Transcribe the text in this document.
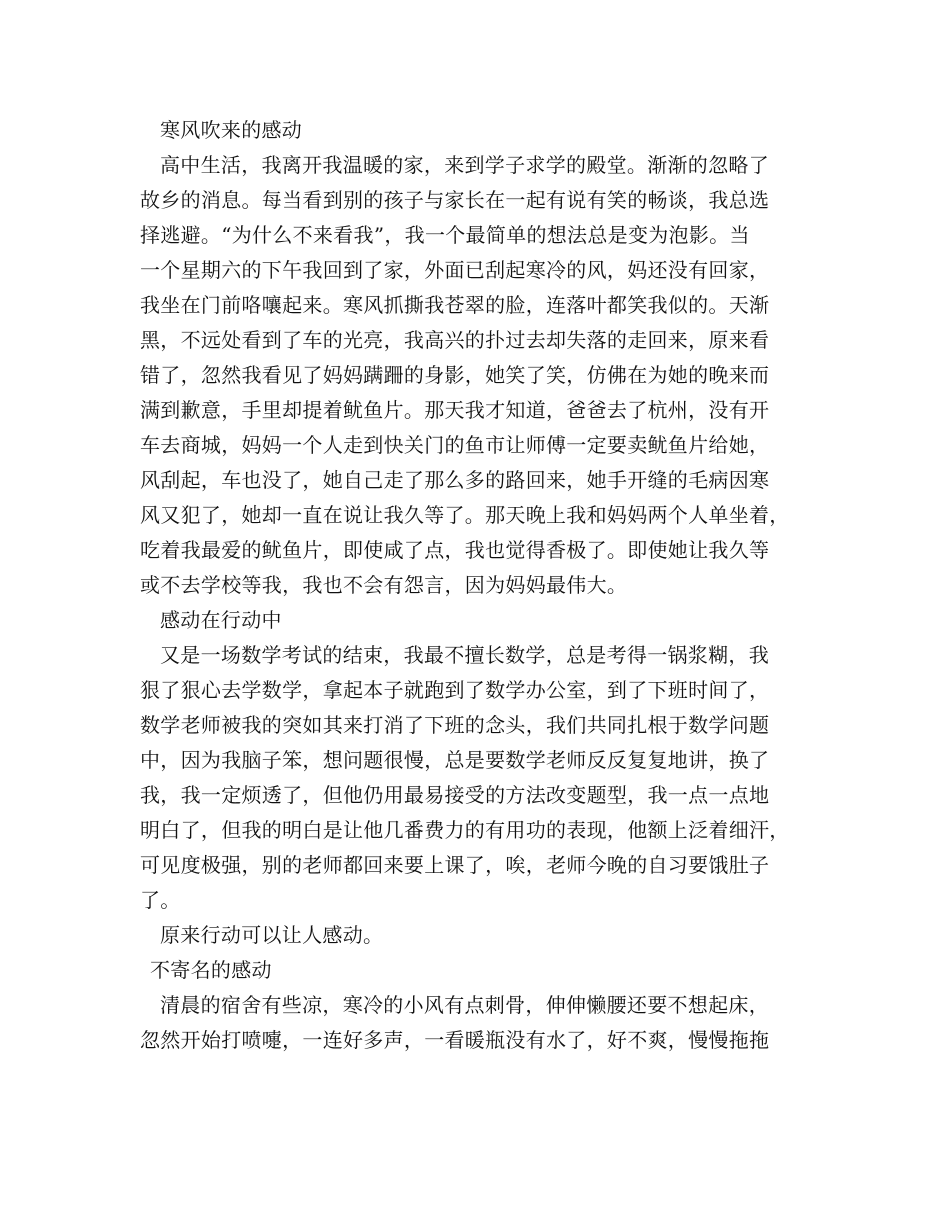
寒风吹来的感动
高中生活，我离开我温暖的家，来到学子求学的殿堂。渐渐的忽略了
故乡的消息。每当看到别的孩子与家长在一起有说有笑的畅谈，我总选
择逃避。“为什么不来看我”，我一个最简单的想法总是变为泡影。当
一个星期六的下午我回到了家，外面已刮起寒冷的风，妈还没有回家，
我坐在门前咯嚷起来。寒风抓撕我苍翠的脸，连落叶都笑我似的。天渐
黑，不远处看到了车的光亮，我高兴的扑过去却失落的走回来，原来看
错了，忽然我看见了妈妈蹒跚的身影，她笑了笑，仿佛在为她的晚来而
满到歉意，手里却提着鱿鱼片。那天我才知道，爸爸去了杭州，没有开
车去商城，妈妈一个人走到快关门的鱼市让师傅一定要卖鱿鱼片给她，
风刮起，车也没了，她自己走了那么多的路回来，她手开缝的毛病因寒
风又犯了，她却一直在说让我久等了。那天晚上我和妈妈两个人单坐着，
吃着我最爱的鱿鱼片，即使咸了点，我也觉得香极了。即使她让我久等
或不去学校等我，我也不会有怨言，因为妈妈最伟大。
感动在行动中
又是一场数学考试的结束，我最不擅长数学，总是考得一锅浆糊，我
狠了狠心去学数学，拿起本子就跑到了数学办公室，到了下班时间了，
数学老师被我的突如其来打消了下班的念头，我们共同扎根于数学问题
中，因为我脑子笨，想问题很慢，总是要数学老师反反复复地讲，换了
我，我一定烦透了，但他仍用最易接受的方法改变题型，我一点一点地
明白了，但我的明白是让他几番费力的有用功的表现，他额上泛着细汗，
可见度极强，别的老师都回来要上课了，唉，老师今晚的自习要饿肚子
了。
原来行动可以让人感动。
不寄名的感动
清晨的宿舍有些凉，寒冷的小风有点刺骨，伸伸懒腰还要不想起床，
忽然开始打喷嚏，一连好多声，一看暖瓶没有水了，好不爽，慢慢拖拖
